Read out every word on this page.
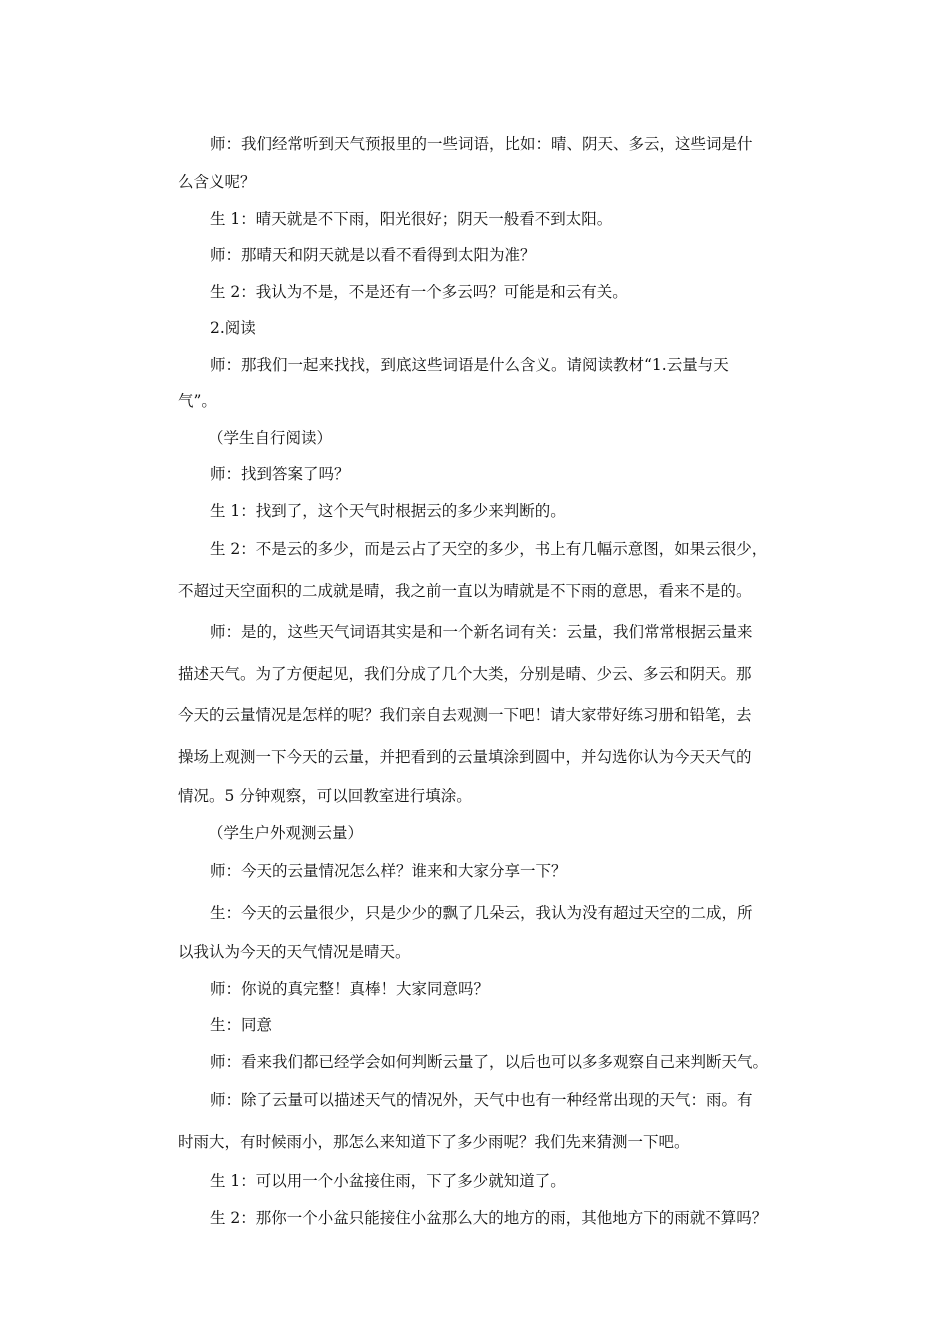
师：我们经常听到天气预报里的一些词语，比如：晴、阴天、多云，这些词是什

么含义呢？

生 1：晴天就是不下雨，阳光很好；阴天一般看不到太阳。

师：那晴天和阴天就是以看不看得到太阳为准？

生 2：我认为不是，不是还有一个多云吗？可能是和云有关。

2.阅读

师：那我们一起来找找，到底这些词语是什么含义。请阅读教材“1.云量与天

气”。

（学生自行阅读）

师：找到答案了吗？

生 1：找到了，这个天气时根据云的多少来判断的。

生 2：不是云的多少，而是云占了天空的多少，书上有几幅示意图，如果云很少，

不超过天空面积的二成就是晴，我之前一直以为晴就是不下雨的意思，看来不是的。

师：是的，这些天气词语其实是和一个新名词有关：云量，我们常常根据云量来

描述天气。为了方便起见，我们分成了几个大类，分别是晴、少云、多云和阴天。那

今天的云量情况是怎样的呢？我们亲自去观测一下吧！请大家带好练习册和铅笔，去

操场上观测一下今天的云量，并把看到的云量填涂到圆中，并勾选你认为今天天气的

情况。5 分钟观察，可以回教室进行填涂。

（学生户外观测云量）

师：今天的云量情况怎么样？谁来和大家分享一下？

生：今天的云量很少，只是少少的飘了几朵云，我认为没有超过天空的二成，所

以我认为今天的天气情况是晴天。

师：你说的真完整！真棒！大家同意吗？

生：同意

师：看来我们都已经学会如何判断云量了，以后也可以多多观察自己来判断天气。

师：除了云量可以描述天气的情况外，天气中也有一种经常出现的天气：雨。有

时雨大，有时候雨小，那怎么来知道下了多少雨呢？我们先来猜测一下吧。

生 1：可以用一个小盆接住雨，下了多少就知道了。

生 2：那你一个小盆只能接住小盆那么大的地方的雨，其他地方下的雨就不算吗？
